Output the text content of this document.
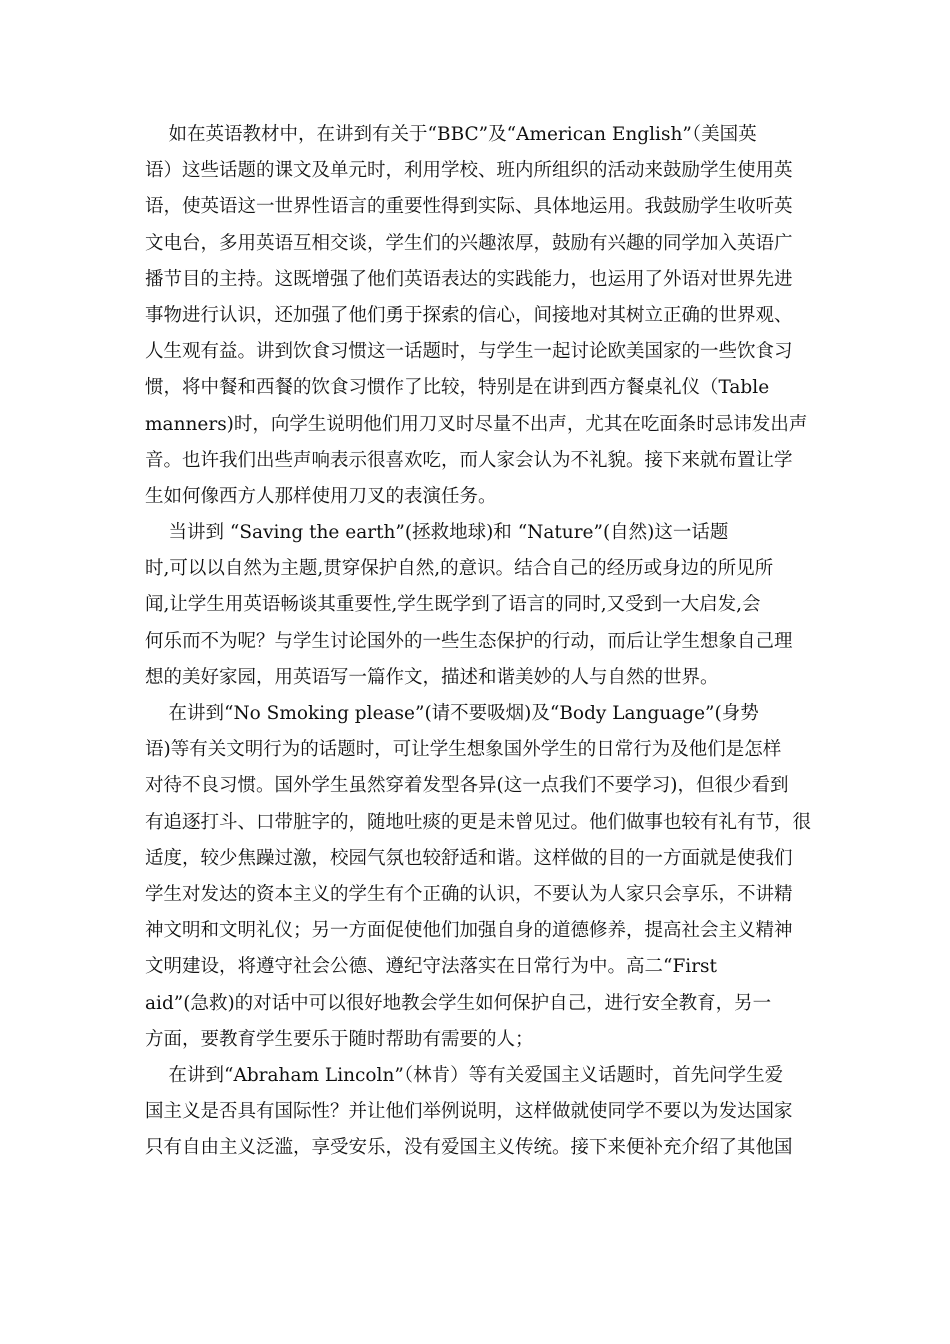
如在英语教材中，在讲到有关于“BBC”及“American English”（美国英
语）这些话题的课文及单元时，利用学校、班内所组织的活动来鼓励学生使用英
语，使英语这一世界性语言的重要性得到实际、具体地运用。我鼓励学生收听英
文电台，多用英语互相交谈，学生们的兴趣浓厚，鼓励有兴趣的同学加入英语广
播节目的主持。这既增强了他们英语表达的实践能力，也运用了外语对世界先进
事物进行认识，还加强了他们勇于探索的信心，间接地对其树立正确的世界观、
人生观有益。讲到饮食习惯这一话题时，与学生一起讨论欧美国家的一些饮食习
惯，将中餐和西餐的饮食习惯作了比较，特别是在讲到西方餐桌礼仪（Table
manners)时，向学生说明他们用刀叉时尽量不出声，尤其在吃面条时忌讳发出声
音。也许我们出些声响表示很喜欢吃，而人家会认为不礼貌。接下来就布置让学
生如何像西方人那样使用刀叉的表演任务。
当讲到 “Saving the earth”(拯救地球)和 “Nature”(自然)这一话题
时,可以以自然为主题,贯穿保护自然,的意识。结合自己的经历或身边的所见所
闻,让学生用英语畅谈其重要性,学生既学到了语言的同时,又受到一大启发,会
何乐而不为呢？与学生讨论国外的一些生态保护的行动，而后让学生想象自己理
想的美好家园，用英语写一篇作文，描述和谐美妙的人与自然的世界。
在讲到“No Smoking please”(请不要吸烟)及“Body Language”(身势
语)等有关文明行为的话题时，可让学生想象国外学生的日常行为及他们是怎样
对待不良习惯。国外学生虽然穿着发型各异(这一点我们不要学习)，但很少看到
有追逐打斗、口带脏字的，随地吐痰的更是未曾见过。他们做事也较有礼有节，很
适度，较少焦躁过激，校园气氛也较舒适和谐。这样做的目的一方面就是使我们
学生对发达的资本主义的学生有个正确的认识，不要认为人家只会享乐，不讲精
神文明和文明礼仪；另一方面促使他们加强自身的道德修养，提高社会主义精神
文明建设，将遵守社会公德、遵纪守法落实在日常行为中。高二“First
aid”(急救)的对话中可以很好地教会学生如何保护自己，进行安全教育，另一
方面，要教育学生要乐于随时帮助有需要的人；
在讲到“Abraham Lincoln”（林肯）等有关爱国主义话题时，首先问学生爱
国主义是否具有国际性？并让他们举例说明，这样做就使同学不要以为发达国家
只有自由主义泛滥，享受安乐，没有爱国主义传统。接下来便补充介绍了其他国
